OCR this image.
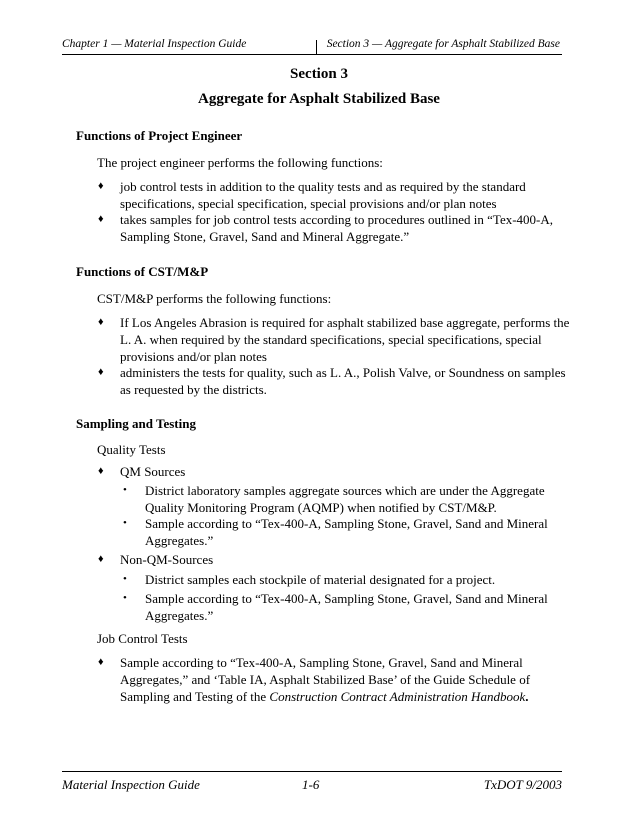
Chapter 1 — Material Inspection Guide	Section 3 — Aggregate for Asphalt Stabilized Base
Section 3
Aggregate for Asphalt Stabilized Base
Functions of Project Engineer
The project engineer performs the following functions:
♦ job control tests in addition to the quality tests and as required by the standard
specifications, special specification, special provisions and/or plan notes
♦ takes samples for job control tests according to procedures outlined in “Tex-400-A,
Sampling Stone, Gravel, Sand and Mineral Aggregate.”
Functions of CST/M&P
CST/M&P performs the following functions:
♦ If Los Angeles Abrasion is required for asphalt stabilized base aggregate, performs the
L. A. when required by the standard specifications, special specifications, special
provisions and/or plan notes
♦ administers the tests for quality, such as L. A., Polish Valve, or Soundness on samples
as requested by the districts.
Sampling and Testing
Quality Tests
♦ QM Sources
• District laboratory samples aggregate sources which are under the Aggregate
Quality Monitoring Program (AQMP) when notified by CST/M&P.
• Sample according to “Tex-400-A, Sampling Stone, Gravel, Sand and Mineral
Aggregates.”
♦ Non-QM-Sources
• District samples each stockpile of material designated for a project.
• Sample according to “Tex-400-A, Sampling Stone, Gravel, Sand and Mineral
Aggregates.”
Job Control Tests
♦ Sample according to “Tex-400-A, Sampling Stone, Gravel, Sand and Mineral
Aggregates,” and ‘Table IA, Asphalt Stabilized Base’ of the Guide Schedule of
Sampling and Testing of the Construction Contract Administration Handbook.
Material Inspection Guide	1-6	TxDOT 9/2003
